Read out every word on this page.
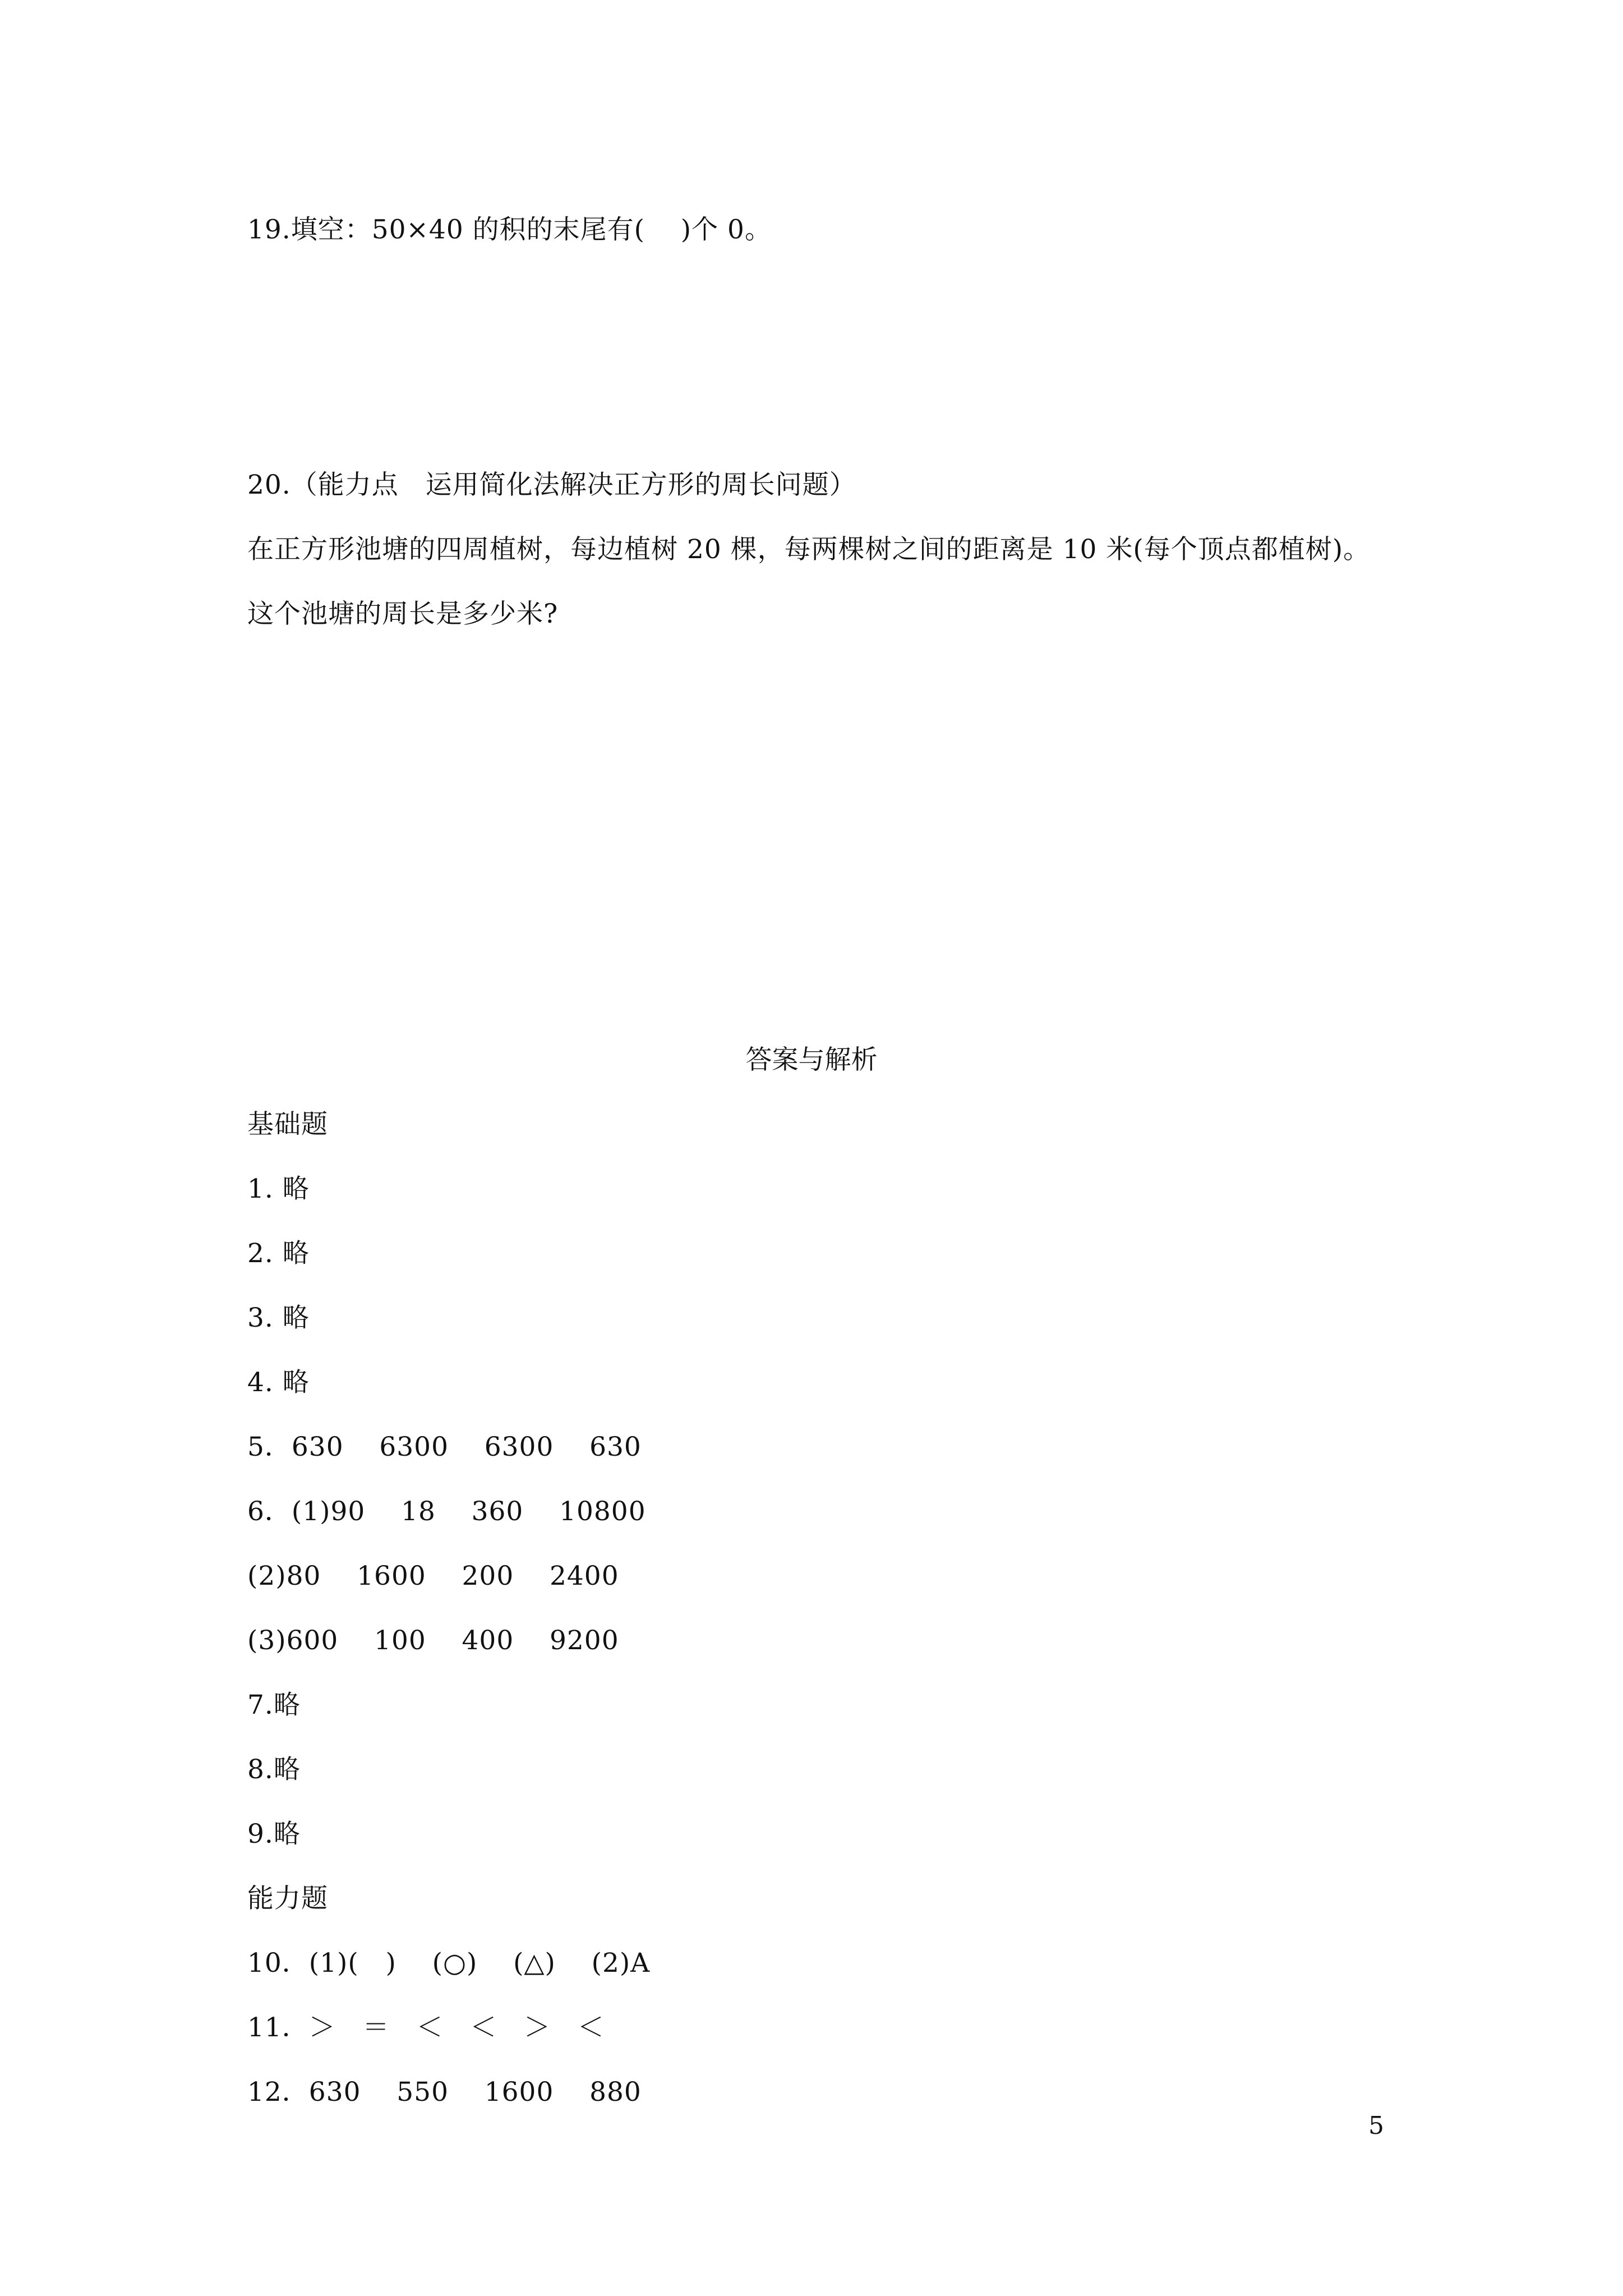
19.填空：50×40 的积的末尾有(    )个 0。
20.（能力点   运用简化法解决正方形的周长问题）
在正方形池塘的四周植树，每边植树 20 棵，每两棵树之间的距离是 10 米(每个顶点都植树)。
这个池塘的周长是多少米?
答案与解析
基础题
1. 略
2. 略
3. 略
4. 略
5．630    6300    6300    630
6．(1)90    18    360    10800
(2)80    1600    200    2400
(3)600    100    400    9200
7.略
8.略
9.略
能力题
10．(1)(   )    (○)    (△)    (2)A
11．＞   ＝   ＜   ＜   ＞   ＜
12．630    550    1600    880
5
